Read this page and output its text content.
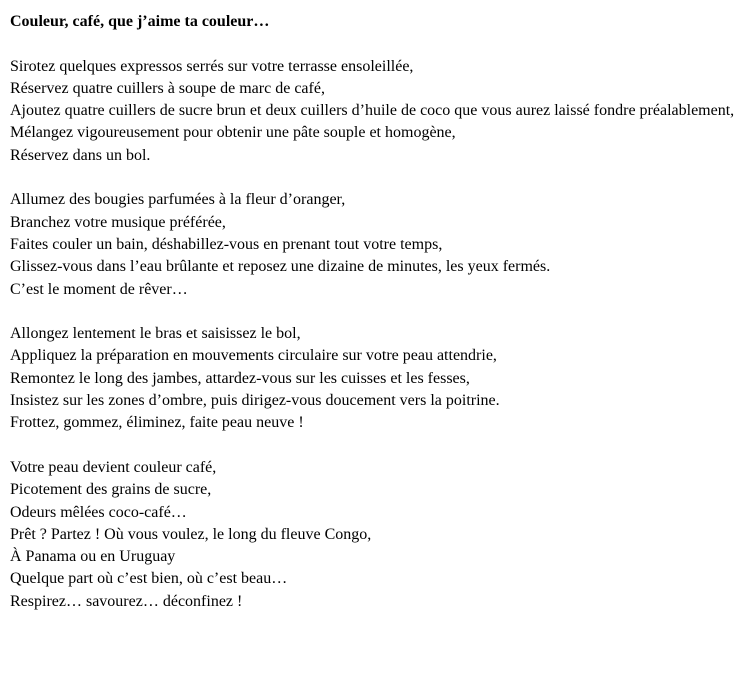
Couleur, café, que j’aime ta couleur…
Sirotez quelques expressos serrés sur votre terrasse ensoleillée,
Réservez quatre cuillers à soupe de marc de café,
Ajoutez quatre cuillers de sucre brun et deux cuillers d’huile de coco que vous aurez laissé fondre préalablement,
Mélangez vigoureusement pour obtenir une pâte souple et homogène,
Réservez dans un bol.
Allumez des bougies parfumées à la fleur d’oranger,
Branchez votre musique préférée,
Faites couler un bain, déshabillez-vous en prenant tout votre temps,
Glissez-vous dans l’eau brûlante et reposez une dizaine de minutes, les yeux fermés.
C’est le moment de rêver…
Allongez lentement le bras et saisissez le bol,
Appliquez la préparation en mouvements circulaire sur votre peau attendrie,
Remontez le long des jambes, attardez-vous sur les cuisses et les fesses,
Insistez sur les zones d’ombre, puis dirigez-vous doucement vers la poitrine.
Frottez, gommez, éliminez, faite peau neuve !
Votre peau devient couleur café,
Picotement des grains de sucre,
Odeurs mêlées coco-café…
Prêt ? Partez ! Où vous voulez, le long du fleuve Congo,
À Panama ou en Uruguay
Quelque part où c’est bien, où c’est beau…
Respirez… savourez… déconfinez !
